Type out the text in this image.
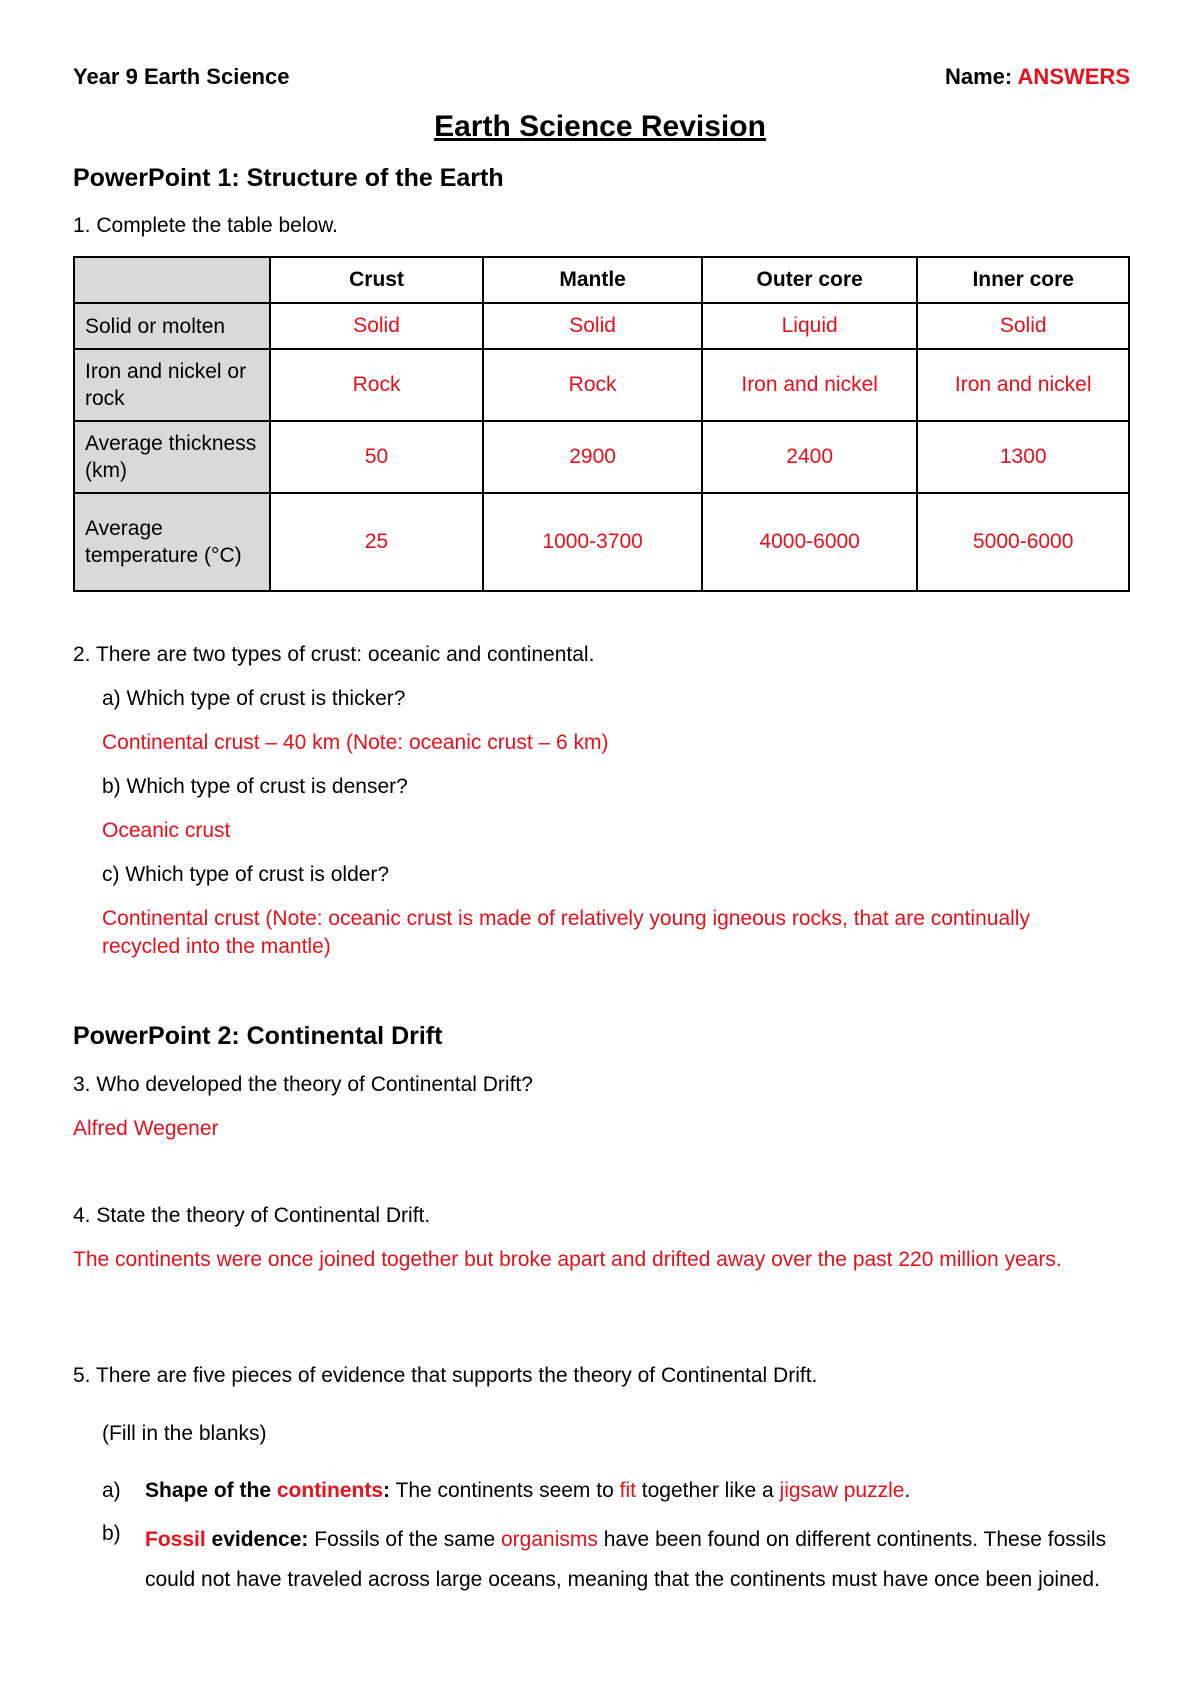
Year 9 Earth Science	Name: ANSWERS
Earth Science Revision
PowerPoint 1: Structure of the Earth
1. Complete the table below.
	Crust	Mantle	Outer core	Inner core
Solid or molten	Solid	Solid	Liquid	Solid
Iron and nickel or rock	Rock	Rock	Iron and nickel	Iron and nickel
Average thickness (km)	50	2900	2400	1300
Average temperature (°C)	25	1000-3700	4000-6000	5000-6000
2. There are two types of crust: oceanic and continental.
a) Which type of crust is thicker?
Continental crust – 40 km (Note: oceanic crust – 6 km)
b) Which type of crust is denser?
Oceanic crust
c) Which type of crust is older?
Continental crust (Note: oceanic crust is made of relatively young igneous rocks, that are continually recycled into the mantle)
PowerPoint 2: Continental Drift
3. Who developed the theory of Continental Drift?
Alfred Wegener
4. State the theory of Continental Drift.
The continents were once joined together but broke apart and drifted away over the past 220 million years.
5. There are five pieces of evidence that supports the theory of Continental Drift.
(Fill in the blanks)
a) Shape of the continents: The continents seem to fit together like a jigsaw puzzle.
b) Fossil evidence: Fossils of the same organisms have been found on different continents. These fossils could not have traveled across large oceans, meaning that the continents must have once been joined.
